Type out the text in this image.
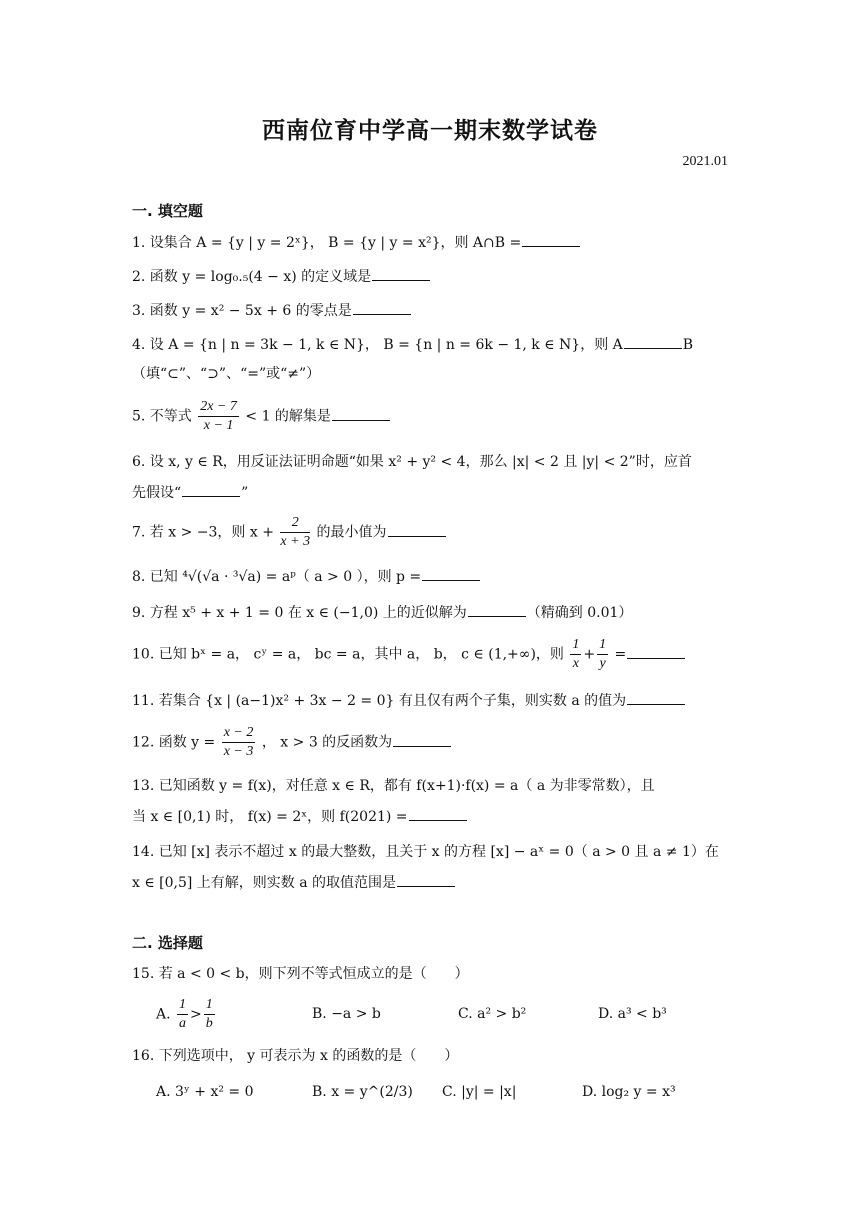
西南位育中学高一期末数学试卷
2021.01
一. 填空题
1. 设集合 A = {y | y = 2ˣ}， B = {y | y = x²}，则 A∩B =
2. 函数 y = log₀.₅(4 − x) 的定义域是
3. 函数 y = x² − 5x + 6 的零点是
4. 设 A = {n | n = 3k − 1, k ∈ N}， B = {n | n = 6k − 1, k ∈ N}，则 A	B
（填“⊂”、“⊃”、“=”或“≠”）
5. 不等式 $\frac{2x - 7}{x - 1} < 1$ 的解集是
6. 设 x, y ∈ R，用反证法证明命题“如果 x² + y² < 4，那么 |x| < 2 且 |y| < 2”时，应首
先假设“	”
7. 若 x > −3，则 $x + \frac{2}{x + 3}$ 的最小值为
8. 已知 ⁴√(√a · ³√a) = aᵖ（ a > 0 ），则 p =
9. 方程 x⁵ + x + 1 = 0 在 x ∈ (−1,0) 上的近似解为	（精确到 0.01）
10. 已知 bˣ = a， cʸ = a， bc = a，其中 a， b， c ∈ (1,+∞)，则 $\frac{1}{x} + \frac{1}{y}$ =
11. 若集合 {x | (a−1)x² + 3x − 2 = 0} 有且仅有两个子集，则实数 a 的值为
12. 函数 $y = \frac{x - 2}{x - 3}$ ， x > 3 的反函数为
13. 已知函数 y = f(x)，对任意 x ∈ R，都有 f(x+1)·f(x) = a（ a 为非零常数），且
当 x ∈ [0,1) 时， f(x) = 2ˣ，则 f(2021) =
14. 已知 [x] 表示不超过 x 的最大整数，且关于 x 的方程 [x] − aˣ = 0（ a > 0 且 a ≠ 1）在
x ∈ [0,5] 上有解，则实数 a 的取值范围是
二. 选择题
15. 若 a < 0 < b，则下列不等式恒成立的是（　　）
A. $\frac{1}{a} > \frac{1}{b}$	B. −a > b	C. a² > b²	D. a³ < b³
16. 下列选项中， y 可表示为 x 的函数的是（　　）
A. 3ʸ + x² = 0	B. x = y^(2/3) C. |y| = |x|	D. log₂ y = x³
